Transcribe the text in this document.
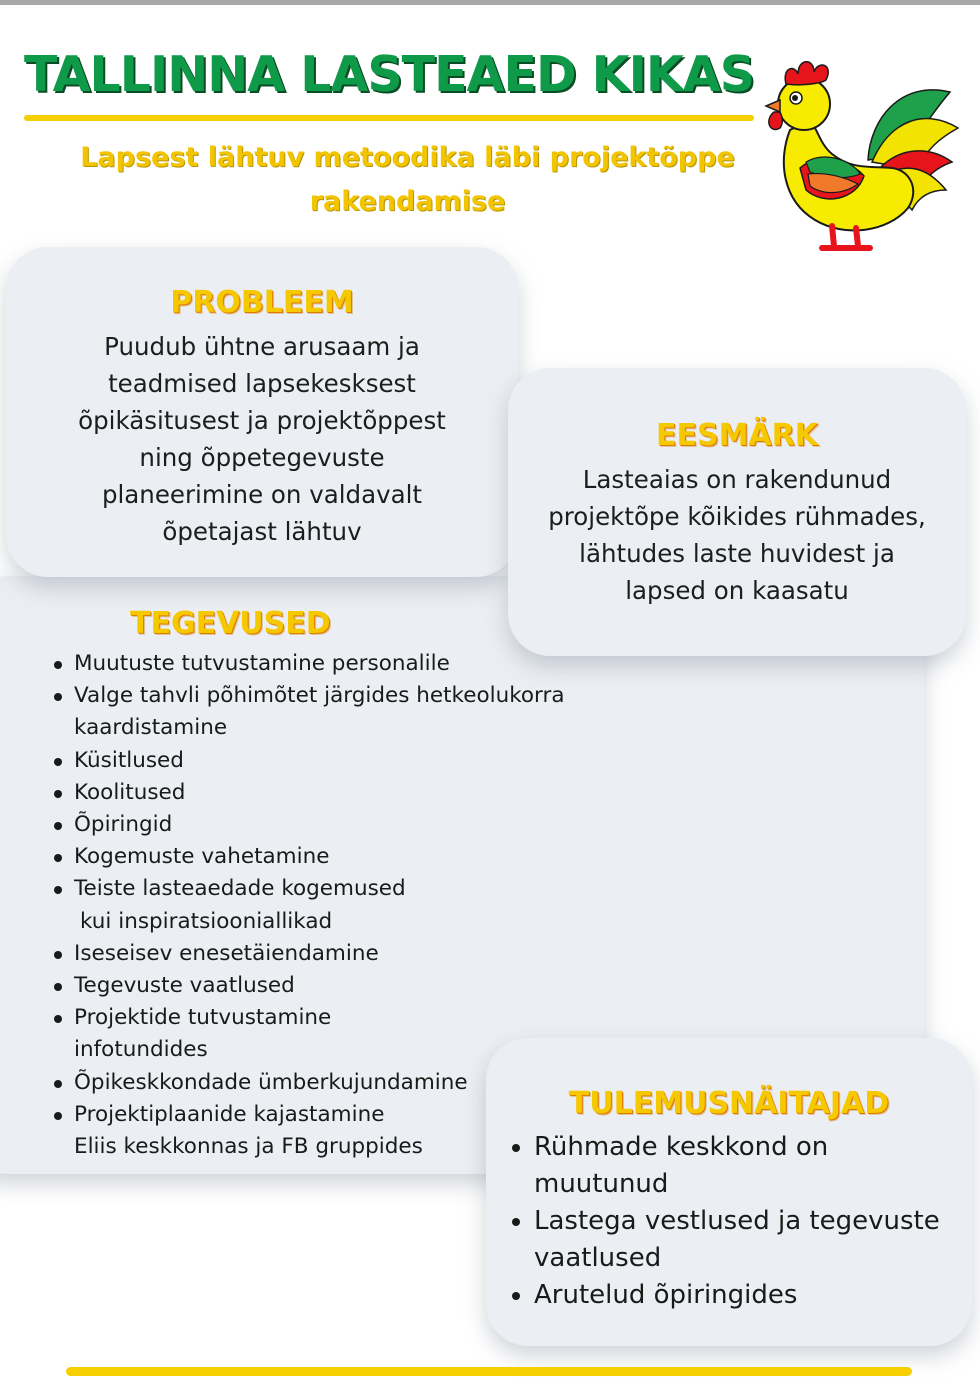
TALLINNA LASTEAED KIKAS
Lapsest lähtuv metoodika läbi projektõppe
rakendamise
TEGEVUSED
Muutuste tutvustamine personalile
Valge tahvli põhimõtet järgides hetkeolukorra
kaardistamine
Küsitlused
Koolitused
Õpiringid
Kogemuste vahetamine
Teiste lasteaedade kogemused
kui inspiratsiooniallikad
Iseseisev enesetäiendamine
Tegevuste vaatlused
Projektide tutvustamine
infotundides
Õpikeskkondade ümberkujundamine
Projektiplaanide kajastamine
Eliis keskkonnas ja FB gruppides
PROBLEEM

Puudub ühtne arusaam ja
teadmised lapsekesksest
õpikäsitusest ja projektõppest
ning õppetegevuste
planeerimine on valdavalt
õpetajast lähtuv

EESMÄRK

Lasteaias on rakendunud
projektõpe kõikides rühmades,
lähtudes laste huvidest ja
lapsed on kaasatu

TULEMUSNÄITAJAD
Rühmade keskkond on
muutunud
Lastega vestlused ja tegevuste
vaatlused
Arutelud õpiringides
